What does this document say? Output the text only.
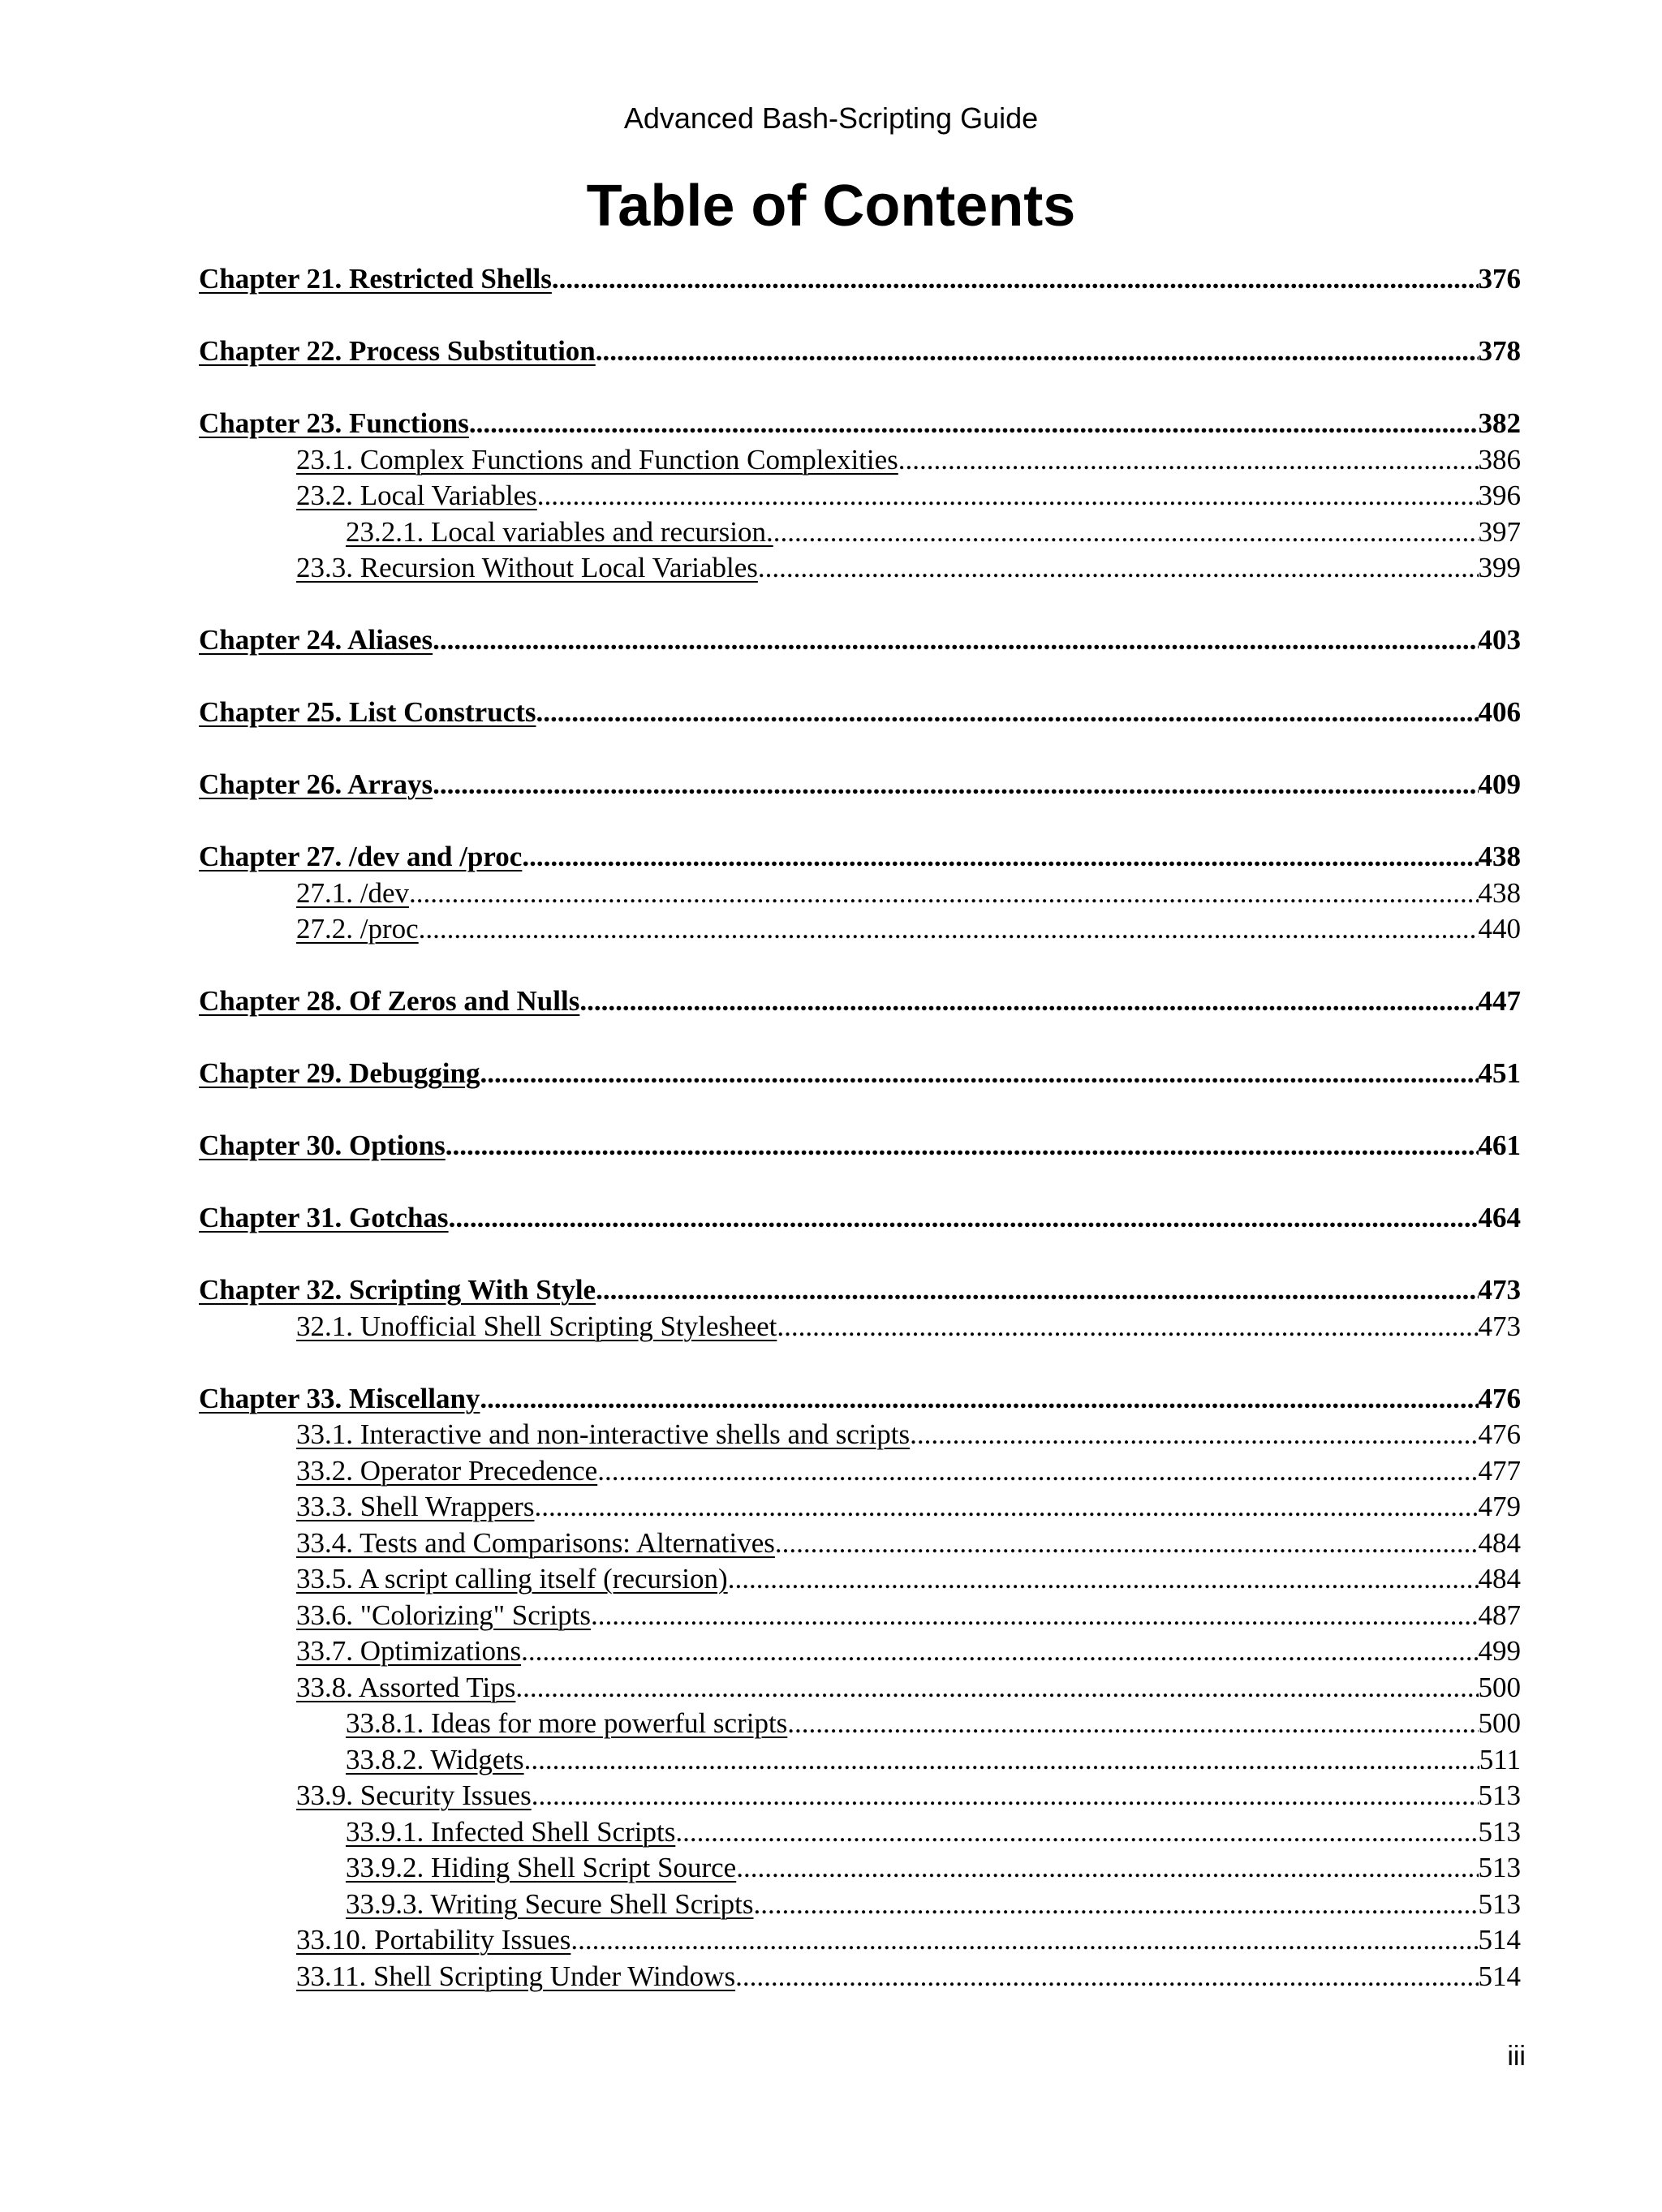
Advanced Bash-Scripting Guide
Table of Contents
Chapter 21. Restricted Shells .....	376
Chapter 22. Process Substitution .....	378
Chapter 23. Functions .....	382
23.1. Complex Functions and Function Complexities .....	386
23.2. Local Variables .....	396
23.2.1. Local variables and recursion. .....	397
23.3. Recursion Without Local Variables .....	399
Chapter 24. Aliases .....	403
Chapter 25. List Constructs .....	406
Chapter 26. Arrays .....	409
Chapter 27. /dev and /proc .....	438
27.1. /dev .....	438
27.2. /proc .....	440
Chapter 28. Of Zeros and Nulls .....	447
Chapter 29. Debugging .....	451
Chapter 30. Options .....	461
Chapter 31. Gotchas .....	464
Chapter 32. Scripting With Style .....	473
32.1. Unofficial Shell Scripting Stylesheet .....	473
Chapter 33. Miscellany .....	476
33.1. Interactive and non-interactive shells and scripts .....	476
33.2. Operator Precedence .....	477
33.3. Shell Wrappers .....	479
33.4. Tests and Comparisons: Alternatives .....	484
33.5. A script calling itself (recursion) .....	484
33.6. "Colorizing" Scripts .....	487
33.7. Optimizations .....	499
33.8. Assorted Tips .....	500
33.8.1. Ideas for more powerful scripts .....	500
33.8.2. Widgets .....	511
33.9. Security Issues .....	513
33.9.1. Infected Shell Scripts .....	513
33.9.2. Hiding Shell Script Source .....	513
33.9.3. Writing Secure Shell Scripts .....	513
33.10. Portability Issues .....	514
33.11. Shell Scripting Under Windows .....	514
iii
